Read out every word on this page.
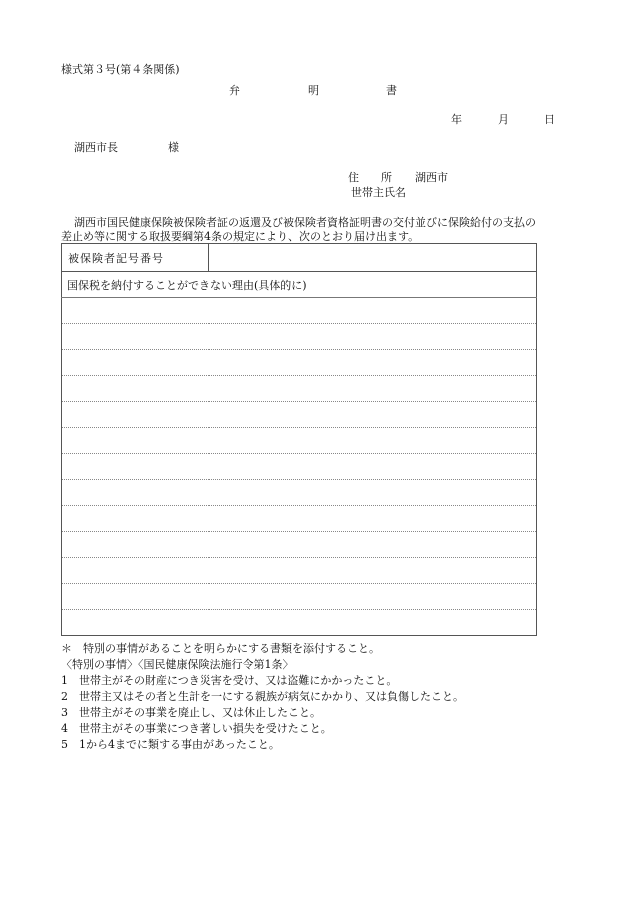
様式第３号(第４条関係)
弁	明	書
年	月	日
湖西市長	様
住　　所 湖西市
世帯主氏名
湖西市国民健康保険被保険者証の返還及び被保険者資格証明書の交付並びに保険給付の支払の
差止め等に関する取扱要綱第4条の規定により、次のとおり届け出ます。
被保険者記号番号	
国保税を納付することができない理由(具体的に)

＊　特別の事情があることを明らかにする書類を添付すること。
〈特別の事情〉〈国民健康保険法施行令第1条〉
1 世帯主がその財産につき災害を受け、又は盗難にかかったこと。
2 世帯主又はその者と生計を一にする親族が病気にかかり、又は負傷したこと。
3 世帯主がその事業を廃止し、又は休止したこと。
4 世帯主がその事業につき著しい損失を受けたこと。
5 1から4までに類する事由があったこと。
